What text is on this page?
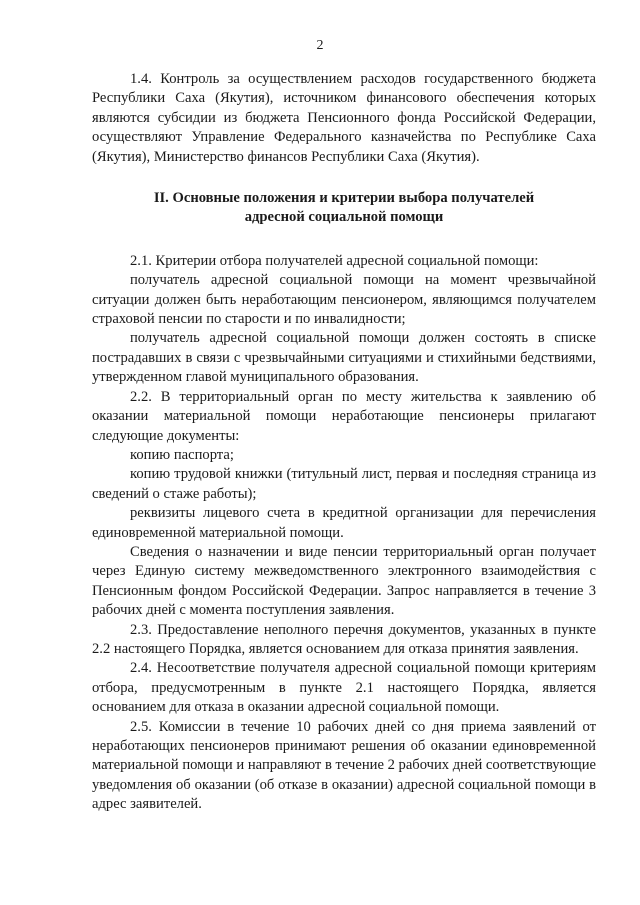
2

1.4. Контроль за осуществлением расходов государственного бюджета Республики Саха (Якутия), источником финансового обеспечения которых являются субсидии из бюджета Пенсионного фонда Российской Федерации, осуществляют Управление Федерального казначейства по Республике Саха (Якутия), Министерство финансов Республики Саха (Якутия).

II. Основные положения и критерии выбора получателей
адресной социальной помощи

2.1. Критерии отбора получателей адресной социальной помощи:

получатель адресной социальной помощи на момент чрезвычайной ситуации должен быть неработающим пенсионером, являющимся получателем страховой пенсии по старости и по инвалидности;

получатель адресной социальной помощи должен состоять в списке пострадавших в связи с чрезвычайными ситуациями и стихийными бедствиями, утвержденном главой муниципального образования.

2.2. В территориальный орган по месту жительства к заявлению об оказании материальной помощи неработающие пенсионеры прилагают следующие документы:

копию паспорта;

копию трудовой книжки (титульный лист, первая и последняя страница из сведений о стаже работы);

реквизиты лицевого счета в кредитной организации для перечисления единовременной материальной помощи.

Сведения о назначении и виде пенсии территориальный орган получает через Единую систему межведомственного электронного взаимодействия с Пенсионным фондом Российской Федерации. Запрос направляется в течение 3 рабочих дней с момента поступления заявления.

2.3. Предоставление неполного перечня документов, указанных в пункте 2.2 настоящего Порядка, является основанием для отказа принятия заявления.

2.4. Несоответствие получателя адресной социальной помощи критериям отбора, предусмотренным в пункте 2.1 настоящего Порядка, является основанием для отказа в оказании адресной социальной помощи.

2.5. Комиссии в течение 10 рабочих дней со дня приема заявлений от неработающих пенсионеров принимают решения об оказании единовременной материальной помощи и направляют в течение 2 рабочих дней соответствующие уведомления об оказании (об отказе в оказании) адресной социальной помощи в адрес заявителей.
